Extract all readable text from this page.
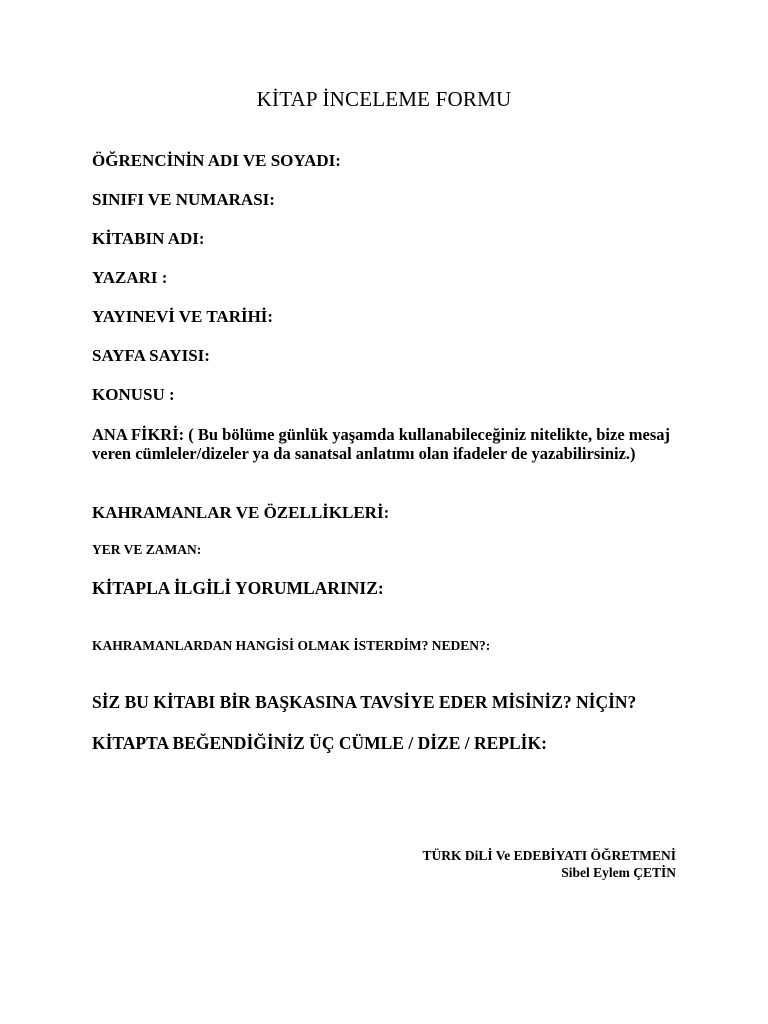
KİTAP İNCELEME FORMU

ÖĞRENCİNİN ADI VE SOYADI:

SINIFI VE NUMARASI:

KİTABIN ADI:

YAZARI :

YAYINEVİ VE TARİHİ:

SAYFA SAYISI:

KONUSU :

ANA FİKRİ: ( Bu bölüme günlük yaşamda kullanabileceğiniz nitelikte, bize mesaj veren cümleler/dizeler ya da sanatsal anlatımı olan ifadeler de yazabilirsiniz.)

KAHRAMANLAR VE ÖZELLİKLERİ:

YER VE ZAMAN:

KİTAPLA İLGİLİ YORUMLARINIZ:

KAHRAMANLARDAN HANGİSİ OLMAK İSTERDİM? NEDEN?:

SİZ BU KİTABI BİR BAŞKASINA TAVSİYE EDER MİSİNİZ? NİÇİN?

KİTAPTA BEĞENDİĞİNİZ ÜÇ CÜMLE / DİZE / REPLİK:

TÜRK DiLİ Ve EDEBİYATI ÖĞRETMENİ
Sibel Eylem ÇETİN
